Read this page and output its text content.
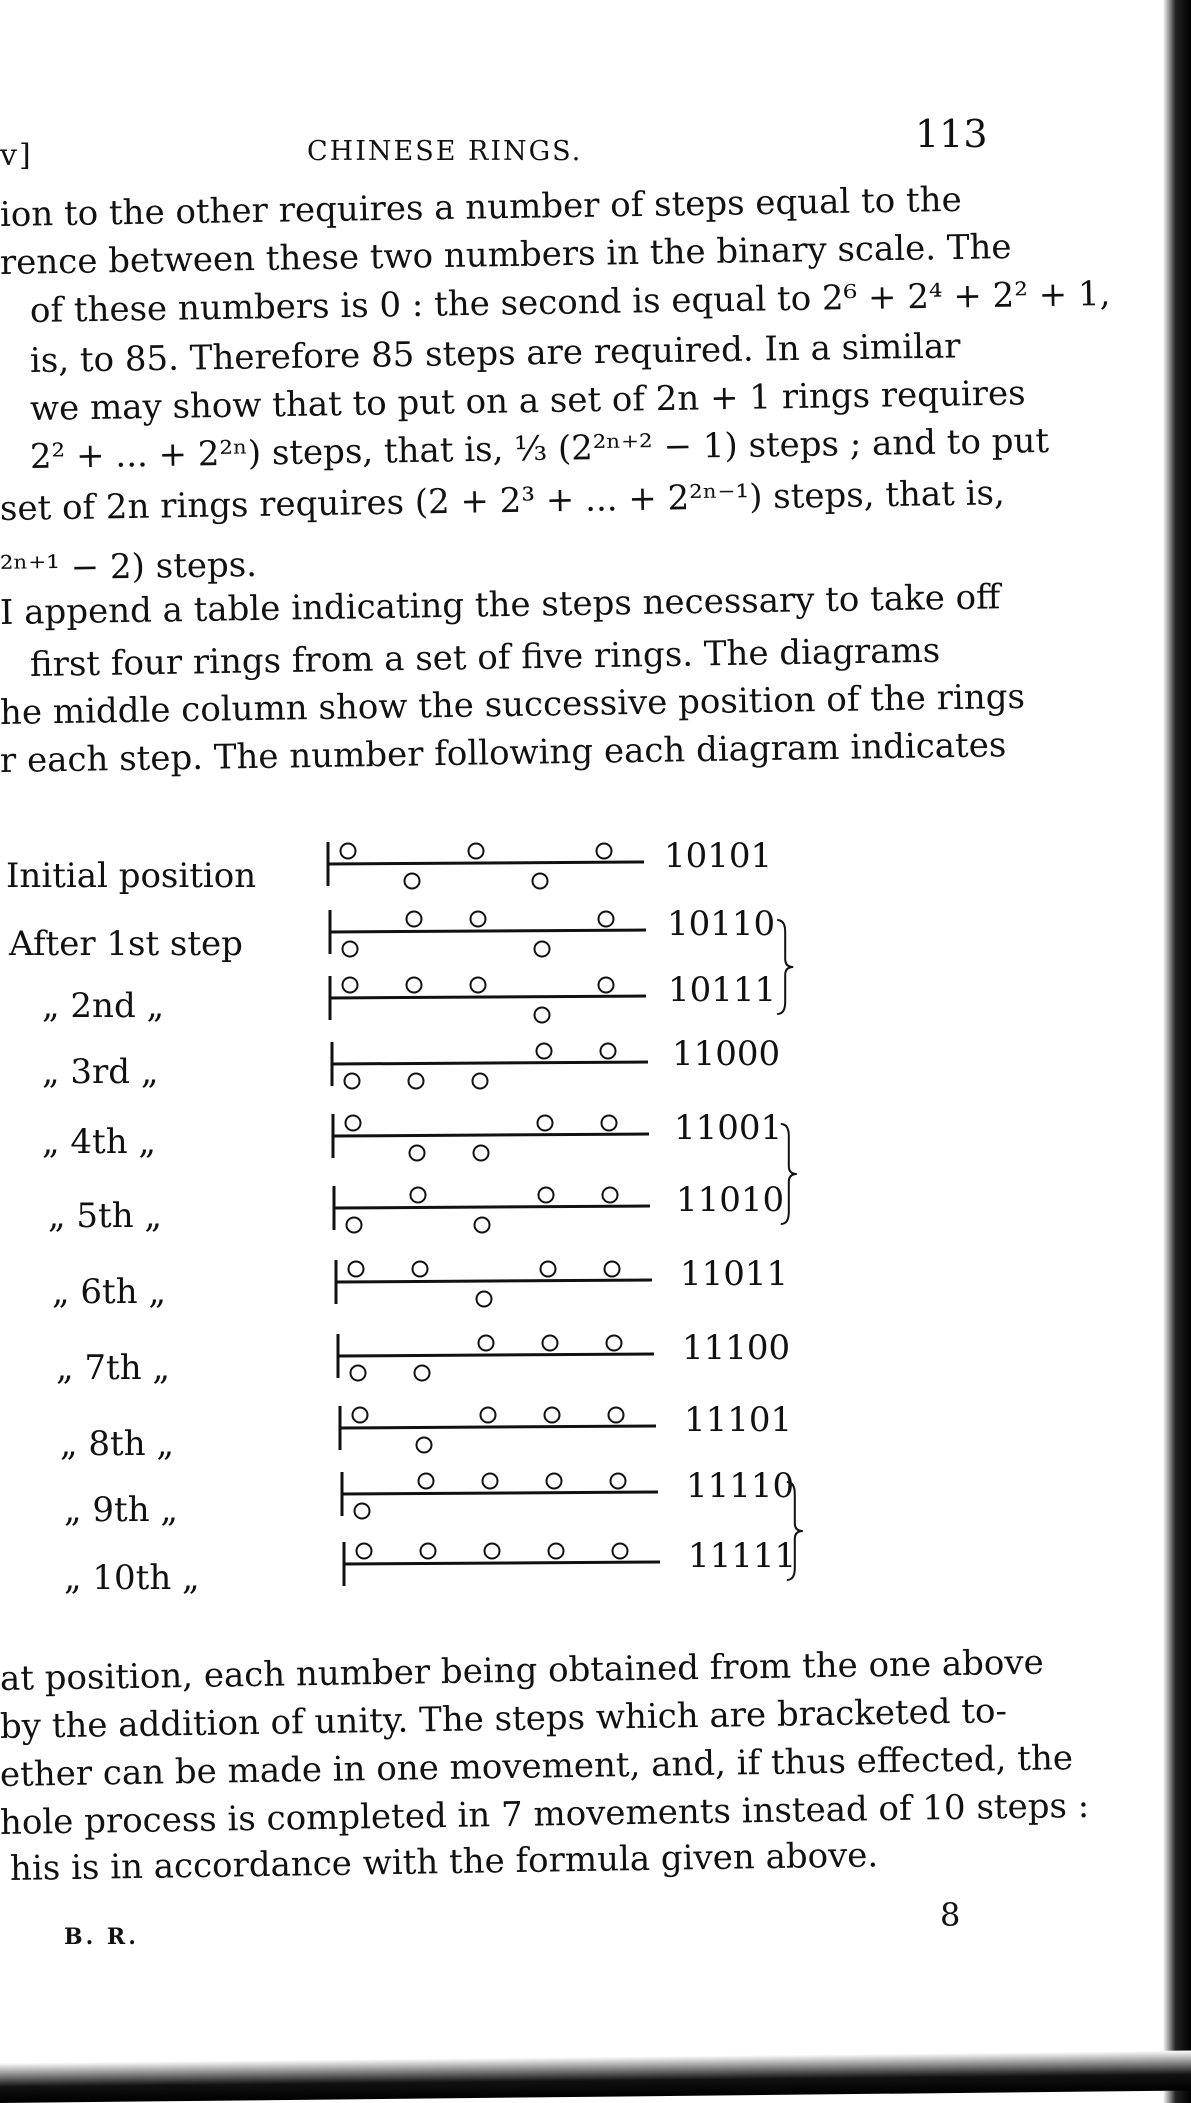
v]	CHINESE RINGS.	113
ion to the other requires a number of steps equal to the
rence between these two numbers in the binary scale. The
of these numbers is 0 : the second is equal to 2⁶ + 2⁴ + 2² + 1,
is, to 85. Therefore 85 steps are required. In a similar
we may show that to put on a set of 2n + 1 rings requires
2² + ... + 2²ⁿ) steps, that is, ⅓ (2²ⁿ⁺² − 1) steps ; and to put
set of 2n rings requires (2 + 2³ + ... + 2²ⁿ⁻¹) steps, that is,
²ⁿ⁺¹ − 2) steps.
I append a table indicating the steps necessary to take off
first four rings from a set of five rings. The diagrams
he middle column show the successive position of the rings
r each step. The number following each diagram indicates
Initial position
After 1st step
„ 2nd „
„ 3rd „
„ 4th „
„ 5th „
„ 6th „
„ 7th „
„ 8th „
„ 9th „
„ 10th „
10101
10110
10111
11000
11001
11010
11011
11100
11101
11110
11111
at position, each number being obtained from the one above
by the addition of unity. The steps which are bracketed to-
ether can be made in one movement, and, if thus effected, the
hole process is completed in 7 movements instead of 10 steps :
his is in accordance with the formula given above.
B. R.
8
